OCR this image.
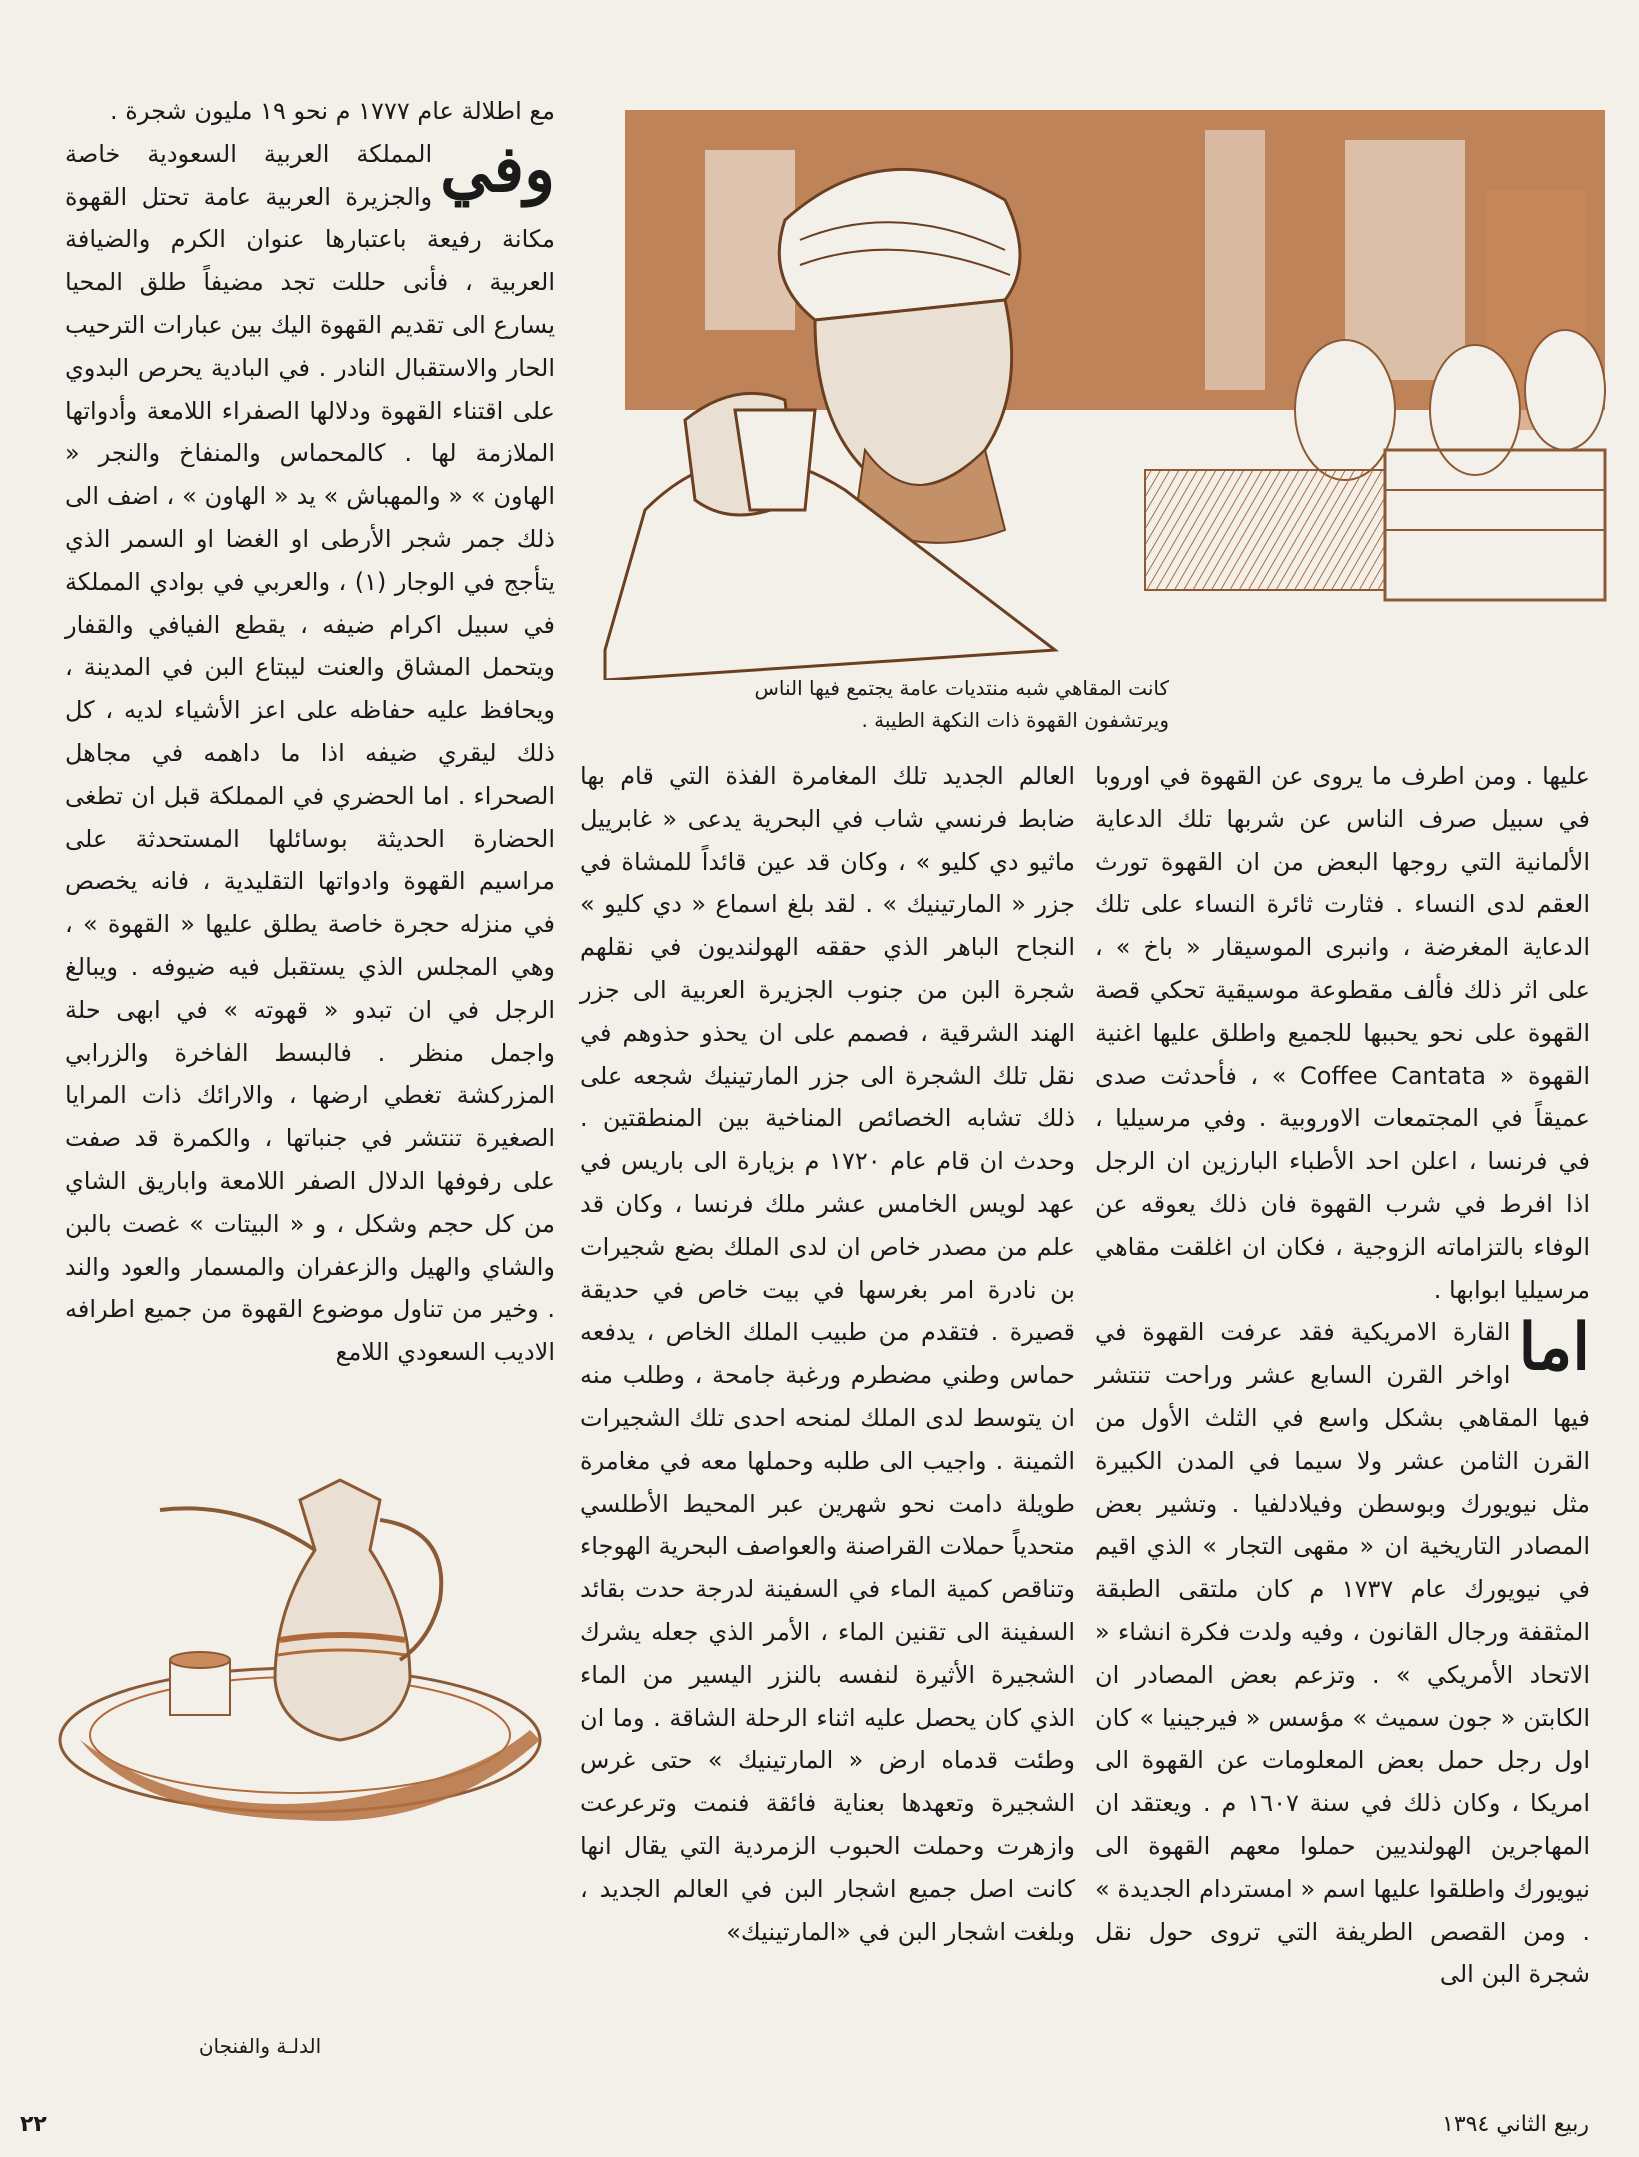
كانت المقاهي شبه منتديات عامة يجتمع فيها الناس
ويرتشفون القهوة ذات النكهة الطيبة .

مع اطلالة عام ١٧٧٧ م نحو ١٩ مليون شجرة .

وفي
المملكة العربية السعودية خاصة والجزيرة العربية عامة تحتل القهوة مكانة رفيعة باعتبارها عنوان الكرم والضيافة العربية ، فأنى حللت تجد مضيفاً طلق المحيا يسارع الى تقديم القهوة اليك بين عبارات الترحيب الحار والاستقبال النادر . في البادية يحرص البدوي على اقتناء القهوة ودلالها الصفراء اللامعة وأدواتها الملازمة لها . كالمحماس والمنفاخ والنجر « الهاون » « والمهباش » يد « الهاون » ، اضف الى ذلك جمر شجر الأرطى او الغضا او السمر الذي يتأجج في الوجار (١) ، والعربي في بوادي المملكة في سبيل اكرام ضيفه ، يقطع الفيافي والقفار ويتحمل المشاق والعنت ليبتاع البن في المدينة ، ويحافظ عليه حفاظه على اعز الأشياء لديه ، كل ذلك ليقري ضيفه اذا ما داهمه في مجاهل الصحراء . اما الحضري في المملكة قبل ان تطغى الحضارة الحديثة بوسائلها المستحدثة على مراسيم القهوة وادواتها التقليدية ، فانه يخصص في منزله حجرة خاصة يطلق عليها « القهوة » ، وهي المجلس الذي يستقبل فيه ضيوفه . ويبالغ الرجل في ان تبدو « قهوته » في ابهى حلة واجمل منظر . فالبسط الفاخرة والزرابي المزركشة تغطي ارضها ، والارائك ذات المرايا الصغيرة تنتشر في جنباتها ، والكمرة قد صفت على رفوفها الدلال الصفر اللامعة واباريق الشاي من كل حجم وشكل ، و « البيتات » غصت بالبن والشاي والهيل والزعفران والمسمار والعود والند . وخير من تناول موضوع القهوة من جميع اطرافه الاديب السعودي اللامع

الدلـة والفنجان

العالم الجديد تلك المغامرة الفذة التي قام بها ضابط فرنسي شاب في البحرية يدعى « غابرييل ماثيو دي كليو » ، وكان قد عين قائداً للمشاة في جزر « المارتينيك » . لقد بلغ اسماع « دي كليو » النجاح الباهر الذي حققه الهولنديون في نقلهم شجرة البن من جنوب الجزيرة العربية الى جزر الهند الشرقية ، فصمم على ان يحذو حذوهم في نقل تلك الشجرة الى جزر المارتينيك شجعه على ذلك تشابه الخصائص المناخية بين المنطقتين . وحدث ان قام عام ١٧٢٠ م بزيارة الى باريس في عهد لويس الخامس عشر ملك فرنسا ، وكان قد علم من مصدر خاص ان لدى الملك بضع شجيرات بن نادرة امر بغرسها في بيت خاص في حديقة قصيرة . فتقدم من طبيب الملك الخاص ، يدفعه حماس وطني مضطرم ورغبة جامحة ، وطلب منه ان يتوسط لدى الملك لمنحه احدى تلك الشجيرات الثمينة . واجيب الى طلبه وحملها معه في مغامرة طويلة دامت نحو شهرين عبر المحيط الأطلسي متحدياً حملات القراصنة والعواصف البحرية الهوجاء وتناقص كمية الماء في السفينة لدرجة حدت بقائد السفينة الى تقنين الماء ، الأمر الذي جعله يشرك الشجيرة الأثيرة لنفسه بالنزر اليسير من الماء الذي كان يحصل عليه اثناء الرحلة الشاقة . وما ان وطئت قدماه ارض « المارتينيك » حتى غرس الشجيرة وتعهدها بعناية فائقة فنمت وترعرعت وازهرت وحملت الحبوب الزمردية التي يقال انها كانت اصل جميع اشجار البن في العالم الجديد ، وبلغت اشجار البن في «المارتينيك»

عليها . ومن اطرف ما يروى عن القهوة في اوروبا في سبيل صرف الناس عن شربها تلك الدعاية الألمانية التي روجها البعض من ان القهوة تورث العقم لدى النساء . فثارت ثائرة النساء على تلك الدعاية المغرضة ، وانبرى الموسيقار « باخ » ، على اثر ذلك فألف مقطوعة موسيقية تحكي قصة القهوة على نحو يحببها للجميع واطلق عليها اغنية القهوة « Coffee Cantata » ، فأحدثت صدى عميقاً في المجتمعات الاوروبية . وفي مرسيليا ، في فرنسا ، اعلن احد الأطباء البارزين ان الرجل اذا افرط في شرب القهوة فان ذلك يعوقه عن الوفاء بالتزاماته الزوجية ، فكان ان اغلقت مقاهي مرسيليا ابوابها .

اما
القارة الامريكية فقد عرفت القهوة في اواخر القرن السابع عشر وراحت تنتشر فيها المقاهي بشكل واسع في الثلث الأول من القرن الثامن عشر ولا سيما في المدن الكبيرة مثل نيويورك وبوسطن وفيلادلفيا . وتشير بعض المصادر التاريخية ان « مقهى التجار » الذي اقيم في نيويورك عام ١٧٣٧ م كان ملتقى الطبقة المثقفة ورجال القانون ، وفيه ولدت فكرة انشاء « الاتحاد الأمريكي » . وتزعم بعض المصادر ان الكابتن « جون سميث » مؤسس « فيرجينيا » كان اول رجل حمل بعض المعلومات عن القهوة الى امريكا ، وكان ذلك في سنة ١٦٠٧ م . ويعتقد ان المهاجرين الهولنديين حملوا معهم القهوة الى نيويورك واطلقوا عليها اسم « امستردام الجديدة » . ومن القصص الطريفة التي تروى حول نقل شجرة البن الى

٢٢	ربيع الثاني ١٣٩٤
